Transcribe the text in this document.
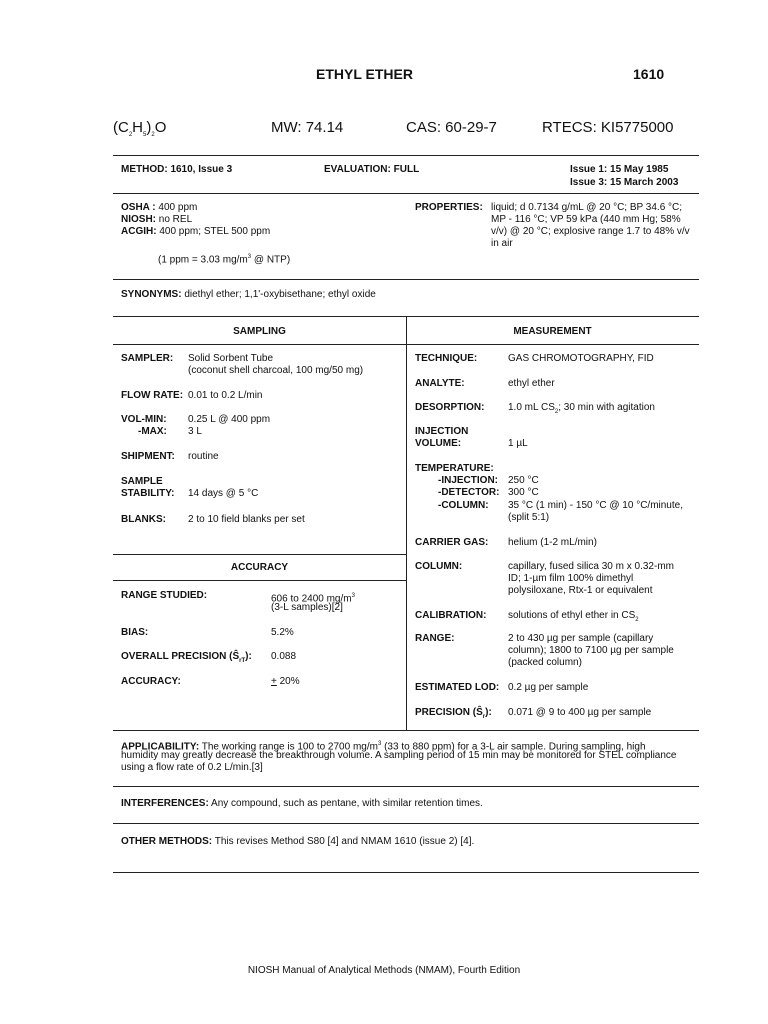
ETHYL ETHER	1610
$(C_2H_5)_2O$	MW: 74.14	CAS: 60-29-7	RTECS: KI5775000
METHOD: 1610, Issue 3	EVALUATION: FULL	Issue 1: 15 May 1985
Issue 3: 15 March 2003
OSHA : 400 ppm
NIOSH: no REL
ACGIH: 400 ppm; STEL 500 ppm
(1 ppm = 3.03 $mg/m^3$ @ NTP)
PROPERTIES: liquid; d 0.7134 g/mL @ 20 °C; BP 34.6 °C;
MP - 116 °C; VP 59 kPa (440 mm Hg; 58%
v/v) @ 20 °C; explosive range 1.7 to 48% v/v
in air
SYNONYMS: diethyl ether; 1,1'-oxybisethane; ethyl oxide
SAMPLING	MEASUREMENT
SAMPLER: Solid Sorbent Tube
(coconut shell charcoal, 100 mg/50 mg)
FLOW RATE: 0.01 to 0.2 L/min
VOL-MIN: 0.25 L @ 400 ppm
-MAX: 3 L
SHIPMENT: routine
SAMPLE
STABILITY: 14 days @ 5 °C
BLANKS: 2 to 10 field blanks per set
ACCURACY
RANGE STUDIED:	606 to 2400 $mg/m^3$
(3-L samples)[2]
BIAS:	5.2%
OVERALL PRECISION $(Ŝ_{rT})$: 0.088
ACCURACY:	+ 20%
TECHNIQUE:	GAS CHROMOTOGRAPHY, FID
ANALYTE:	ethyl ether
DESORPTION: 1.0 mL $CS_2$; 30 min with agitation
INJECTION
VOLUME:	1 µL
TEMPERATURE:
-INJECTION: 250 °C
-DETECTOR: 300 °C
-COLUMN: 35 °C (1 min) - 150 °C @ 10 °C/minute,
(split 5:1)
CARRIER GAS: helium (1-2 mL/min)
COLUMN:	capillary, fused silica 30 m x 0.32-mm
ID; 1-µm film 100% dimethyl
polysiloxane, Rtx-1 or equivalent
CALIBRATION: solutions of ethyl ether in $CS_2$
RANGE:	2 to 430 µg per sample (capillary
column); 1800 to 7100 µg per sample
(packed column)
ESTIMATED LOD: 0.2 µg per sample
PRECISION $(Ŝ_r)$: 0.071 @ 9 to 400 µg per sample
APPLICABILITY: The working range is 100 to 2700 $mg/m^3$ (33 to 880 ppm) for a 3-L air sample. During sampling, high
humidity may greatly decrease the breakthrough volume. A sampling period of 15 min may be monitored for STEL compliance
using a flow rate of 0.2 L/min.[3]
INTERFERENCES: Any compound, such as pentane, with similar retention times.
OTHER METHODS: This revises Method S80 [4] and NMAM 1610 (issue 2) [4].
NIOSH Manual of Analytical Methods (NMAM), Fourth Edition
